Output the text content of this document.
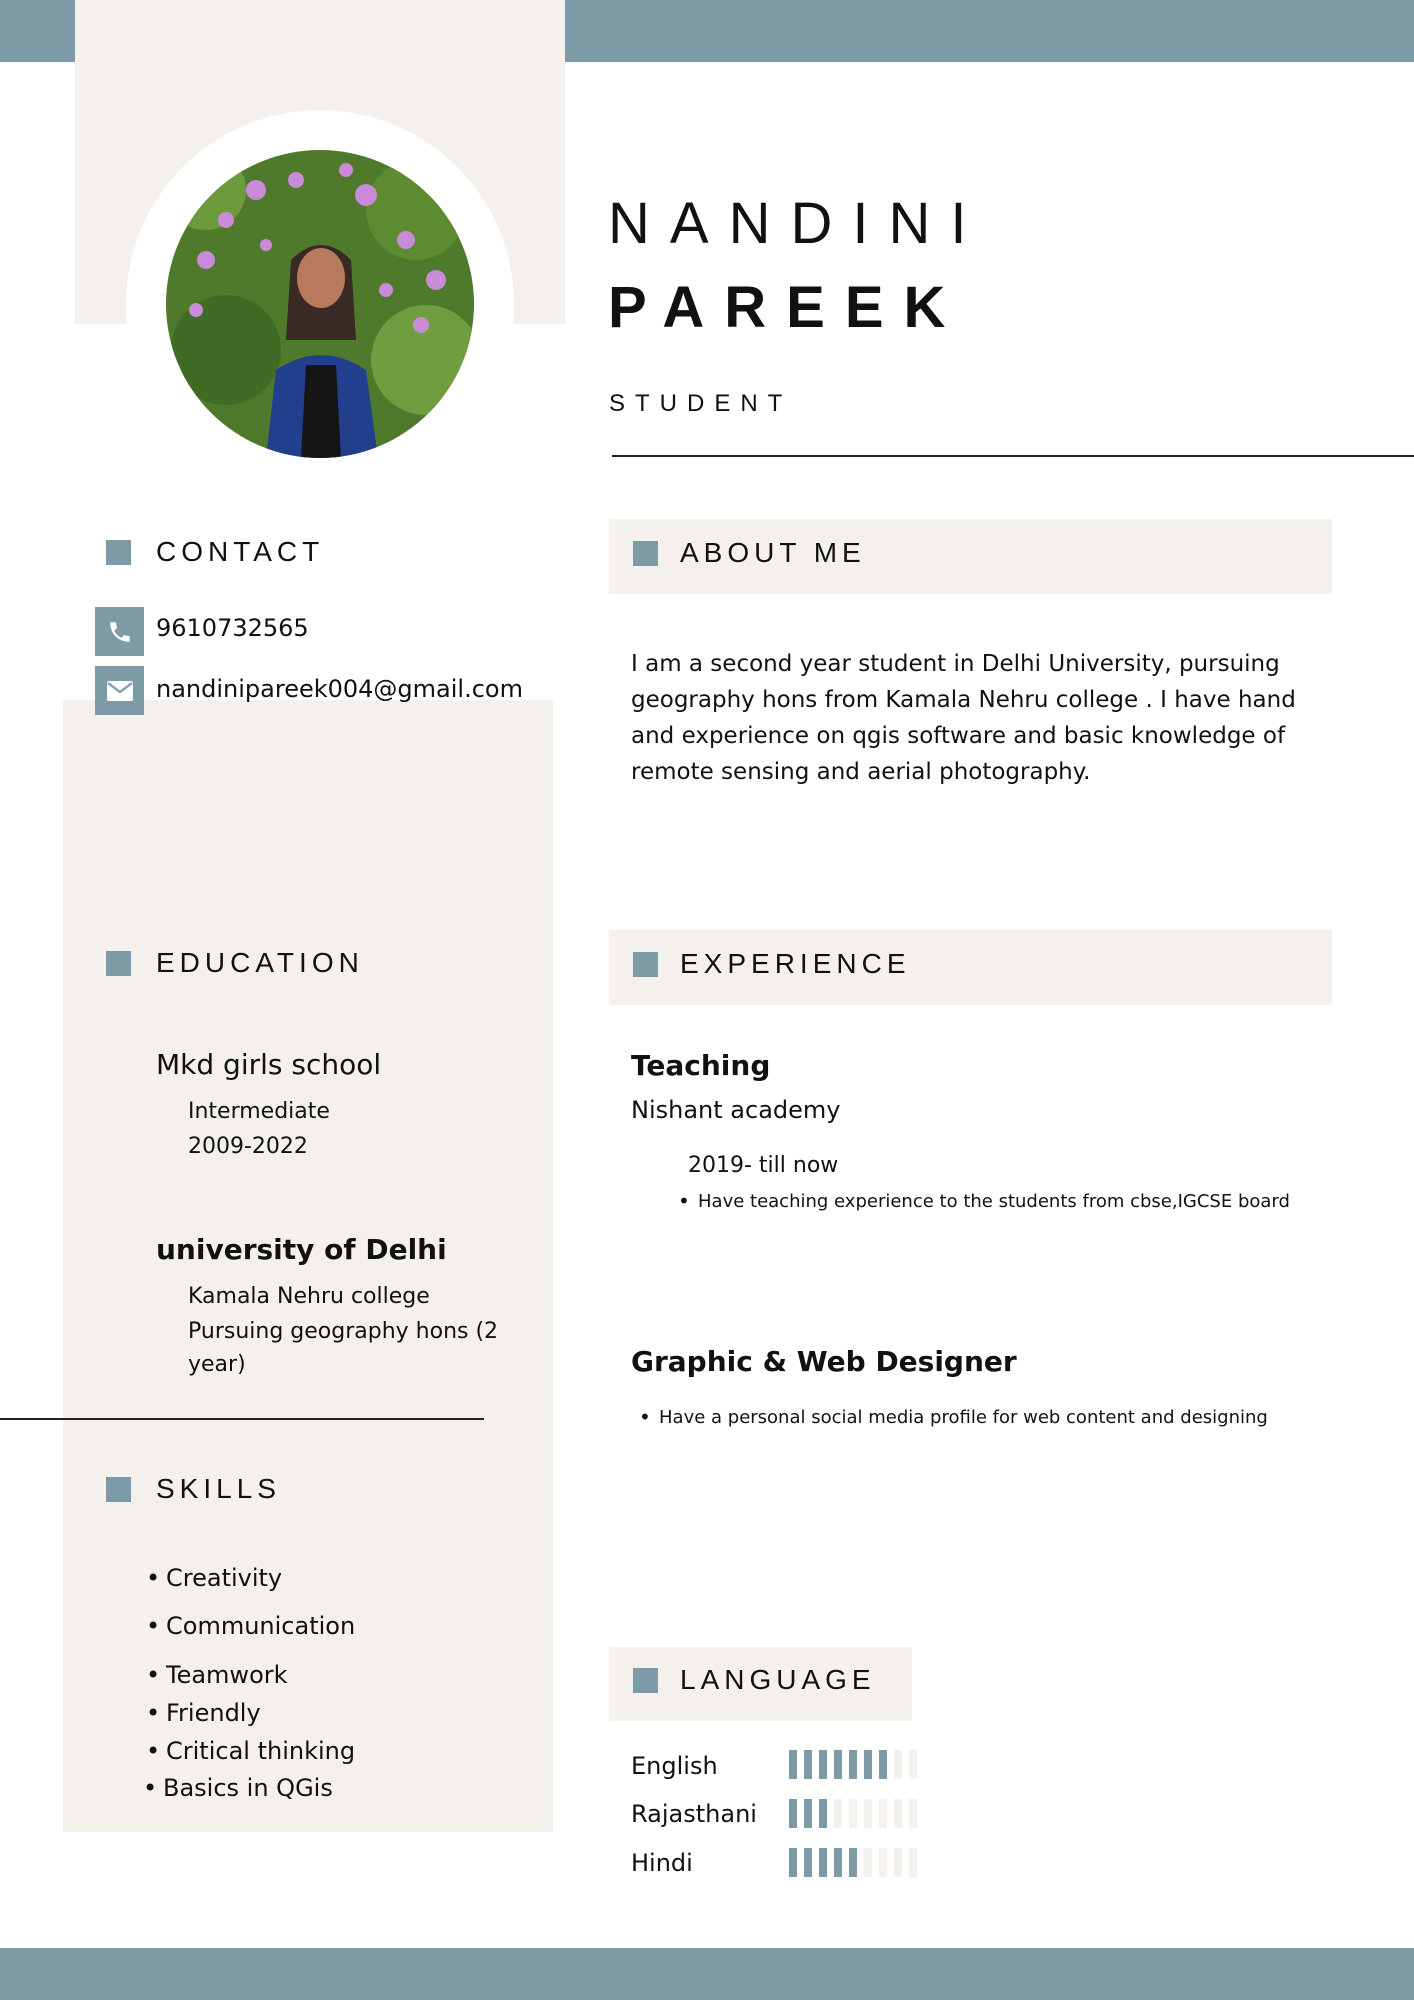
NANDINI
PAREEK
STUDENT
CONTACT
9610732565
nandinipareek004@gmail.com
ABOUT ME
I am a second year student in Delhi University, pursuing geography hons from Kamala Nehru college . I have hand and experience on qgis software and basic knowledge of remote sensing and aerial photography.
EDUCATION
Mkd girls school
Intermediate
2009-2022
university of Delhi
Kamala Nehru college
Pursuing geography hons (2 year)
SKILLS
• Creativity
• Communication
• Teamwork
• Friendly
• Critical thinking
• Basics in QGis
EXPERIENCE
Teaching
Nishant academy
2019- till now
• Have teaching experience to the students from cbse,IGCSE board
Graphic & Web Designer
• Have a personal social media profile for web content and designing
LANGUAGE
English
Rajasthani
Hindi
